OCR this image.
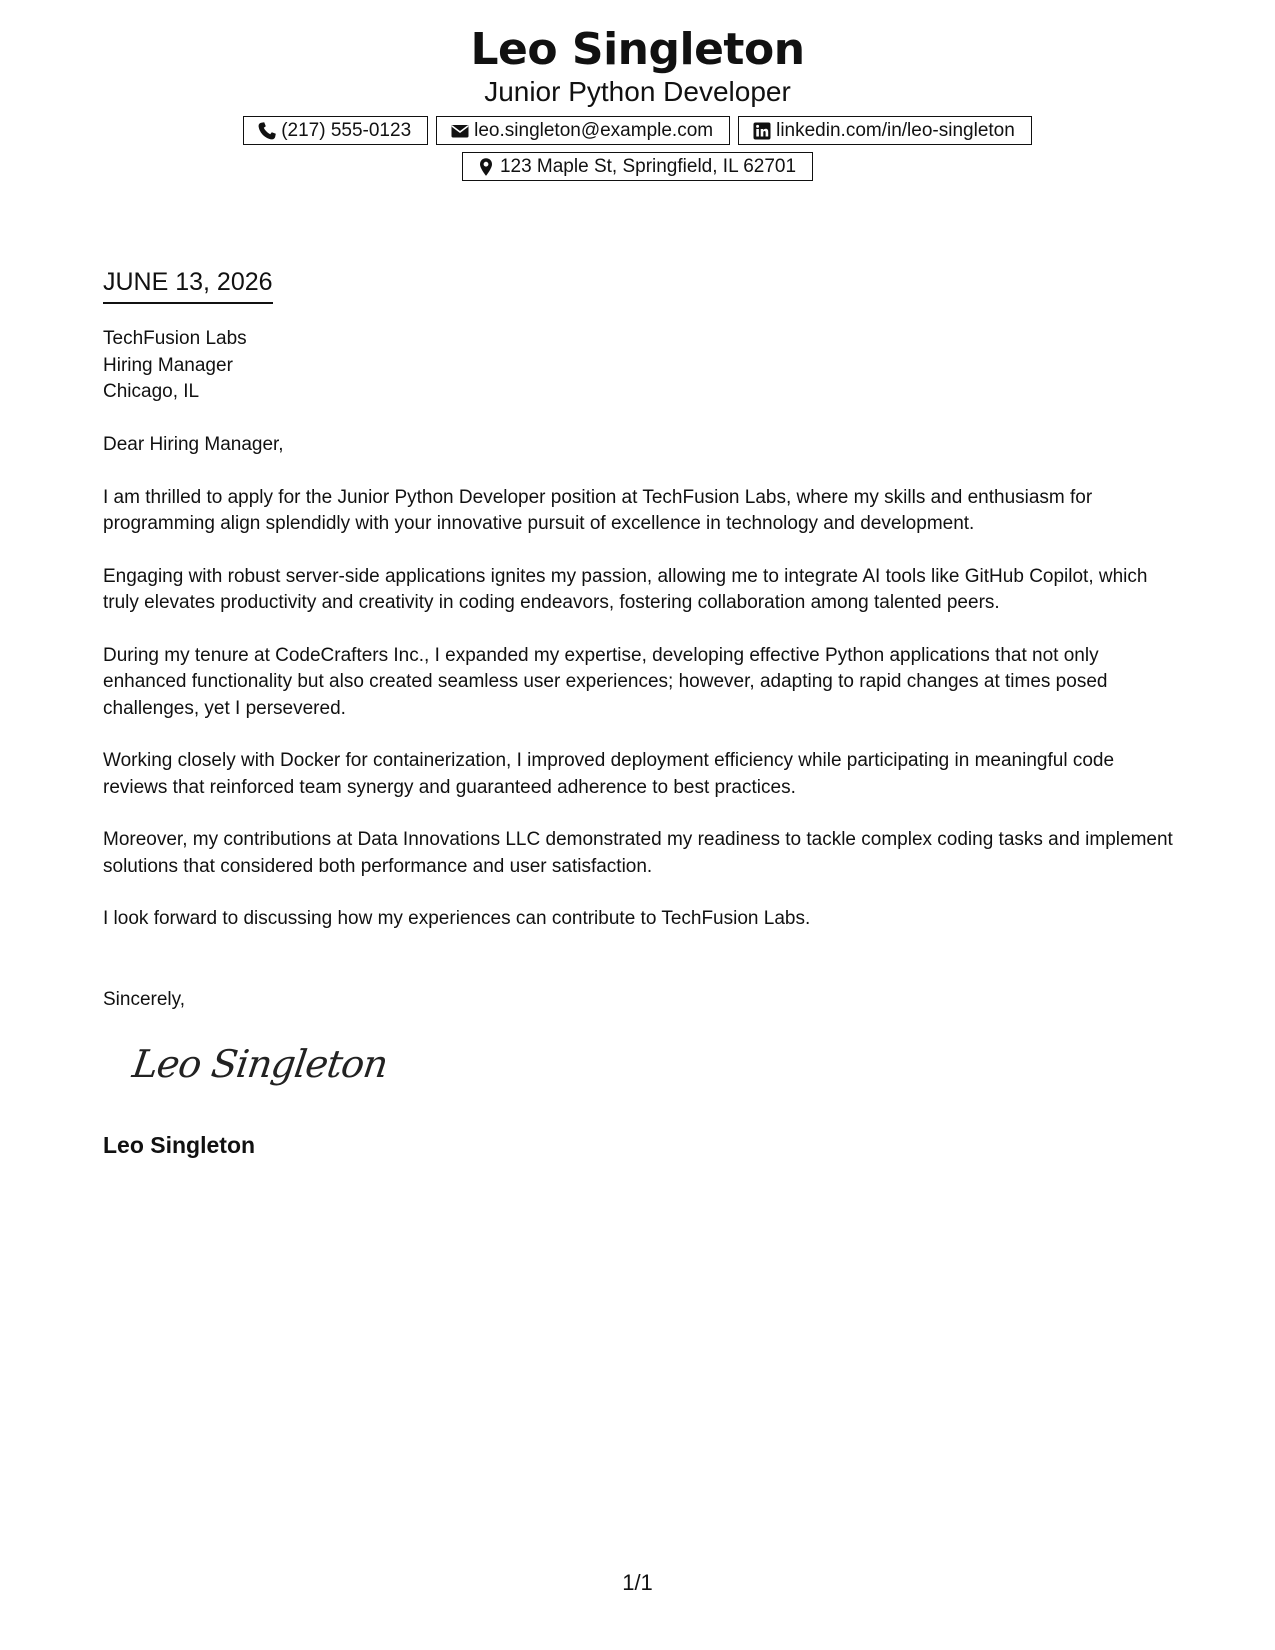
Leo Singleton
Junior Python Developer
(217) 555-0123	leo.singleton@example.com	linkedin.com/in/leo-singleton
123 Maple St, Springfield, IL 62701
JUNE 13, 2026
TechFusion Labs
Hiring Manager
Chicago, IL

Dear Hiring Manager,

I am thrilled to apply for the Junior Python Developer position at TechFusion Labs, where my skills and enthusiasm for programming align splendidly with your innovative pursuit of excellence in technology and development.

Engaging with robust server-side applications ignites my passion, allowing me to integrate AI tools like GitHub Copilot, which truly elevates productivity and creativity in coding endeavors, fostering collaboration among talented peers.

During my tenure at CodeCrafters Inc., I expanded my expertise, developing effective Python applications that not only enhanced functionality but also created seamless user experiences; however, adapting to rapid changes at times posed challenges, yet I persevered.

Working closely with Docker for containerization, I improved deployment efficiency while participating in meaningful code reviews that reinforced team synergy and guaranteed adherence to best practices.

Moreover, my contributions at Data Innovations LLC demonstrated my readiness to tackle complex coding tasks and implement solutions that considered both performance and user satisfaction.

I look forward to discussing how my experiences can contribute to TechFusion Labs.

Sincerely,
Leo Singleton
Leo Singleton
1/1
